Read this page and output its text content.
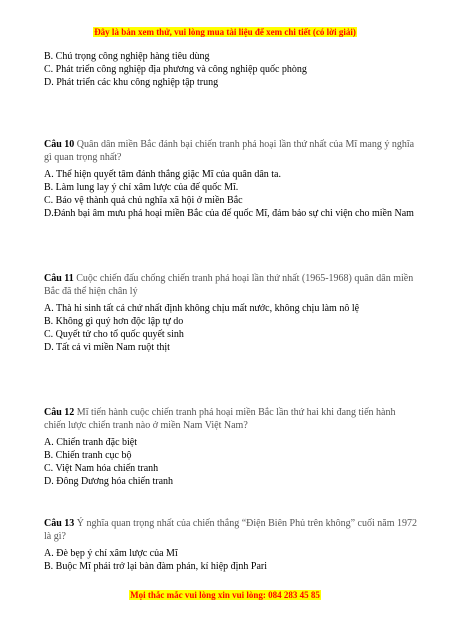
Đây là bản xem thử, vui lòng mua tài liệu để xem chi tiết (có lời giải)
B. Chú trọng công nghiệp hàng tiêu dùng
C. Phát triển công nghiệp địa phương và công nghiệp quốc phòng
D. Phát triển các khu công nghiệp tập trung
Câu 10 Quân dân miền Bắc đánh bại chiến tranh phá hoại lần thứ nhất của Mĩ mang ý nghĩa gì quan trọng nhất?
A. Thể hiện quyết tâm đánh thắng giặc Mĩ của quân dân ta.
B. Làm lung lay ý chí xâm lược của đế quốc Mĩ.
C. Bảo vệ thành quả chủ nghĩa xã hội ở miền Bắc
D.Đánh bại âm mưu phá hoại miền Bắc của đế quốc Mĩ, đảm bảo sự chi viện cho miền Nam
Câu 11 Cuộc chiến đấu chống chiến tranh phá hoại lần thứ nhất (1965-1968) quân dân miền Bắc đã thể hiện chân lý
A. Thà hi sinh tất cả chứ nhất định không chịu mất nước, không chịu làm nô lệ
B. Không gì quý hơn độc lập tự do
C. Quyết tử cho tổ quốc quyết sinh
D. Tất cả vì miền Nam ruột thịt
Câu 12 Mĩ tiến hành cuộc chiến tranh phá hoại miền Bắc lần thứ hai khi đang tiến hành chiến lược chiến tranh nào ở miền Nam Việt Nam?
A. Chiến tranh đặc biệt
B. Chiến tranh cục bộ
C. Việt Nam hóa chiến tranh
D. Đông Dương hóa chiến tranh
Câu 13 Ý nghĩa quan trọng nhất của chiến thắng “Điện Biên Phủ trên không” cuối năm 1972 là gì?
A. Đè bẹp ý chí xâm lược của Mĩ
B. Buộc Mĩ phải trở lại bàn đàm phán, kí hiệp định Pari
Mọi thắc mắc vui lòng xin vui lòng: 084 283 45 85
